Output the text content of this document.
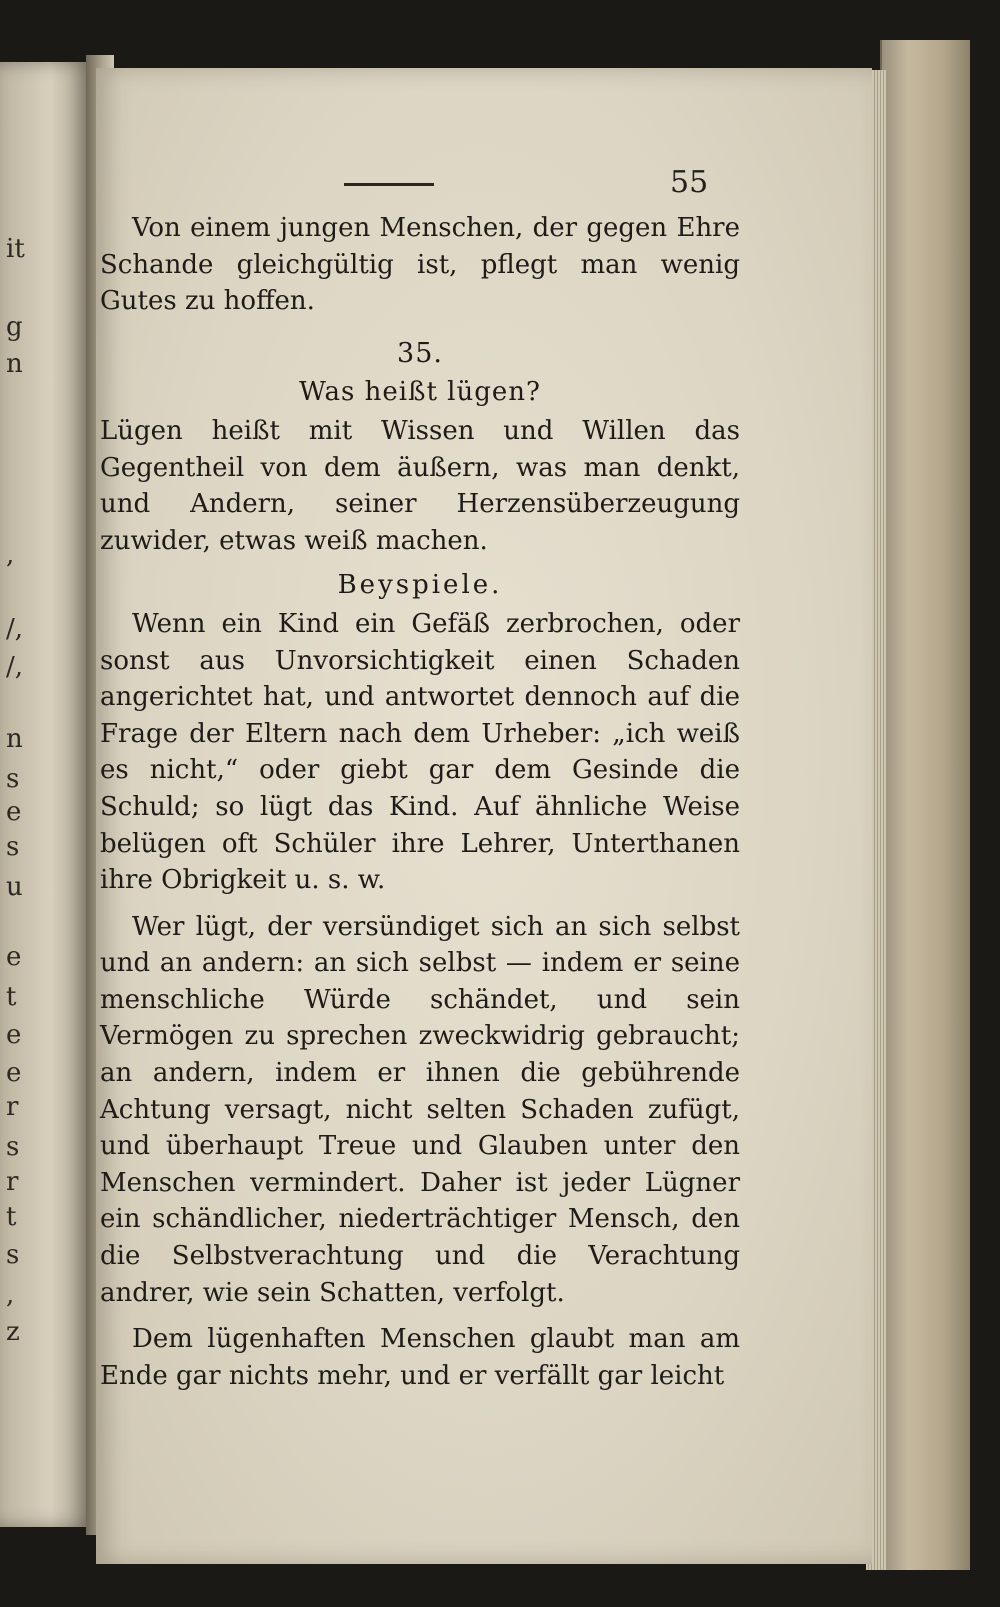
it
g
n
,
/,
/,
n
s
e
s
u
e
t
e
e
r
s
r
t
s
,
z
55

Von einem jungen Menschen, der gegen Ehre Schande gleichgültig ist, pflegt man wenig Gutes zu hoffen.

35.

Was heißt lügen?

Lügen heißt mit Wissen und Willen das Gegentheil von dem äußern, was man denkt, und Andern, seiner Herzensüberzeugung zuwider, etwas weiß machen.

Beyspiele.

Wenn ein Kind ein Gefäß zerbrochen, oder sonst aus Unvorsichtigkeit einen Schaden angerichtet hat, und antwortet dennoch auf die Frage der Eltern nach dem Urheber: „ich weiß es nicht,“ oder giebt gar dem Gesinde die Schuld; so lügt das Kind. Auf ähnliche Weise belügen oft Schüler ihre Lehrer, Unterthanen ihre Obrigkeit u. s. w.

Wer lügt, der versündiget sich an sich selbst und an andern: an sich selbst — indem er seine menschliche Würde schändet, und sein Vermögen zu sprechen zweckwidrig gebraucht; an andern, indem er ihnen die gebührende Achtung versagt, nicht selten Schaden zufügt, und überhaupt Treue und Glauben unter den Menschen vermindert. Daher ist jeder Lügner ein schändlicher, niederträchtiger Mensch, den die Selbstverachtung und die Verachtung andrer, wie sein Schatten, verfolgt.

Dem lügenhaften Menschen glaubt man am Ende gar nichts mehr, und er verfällt gar leicht
